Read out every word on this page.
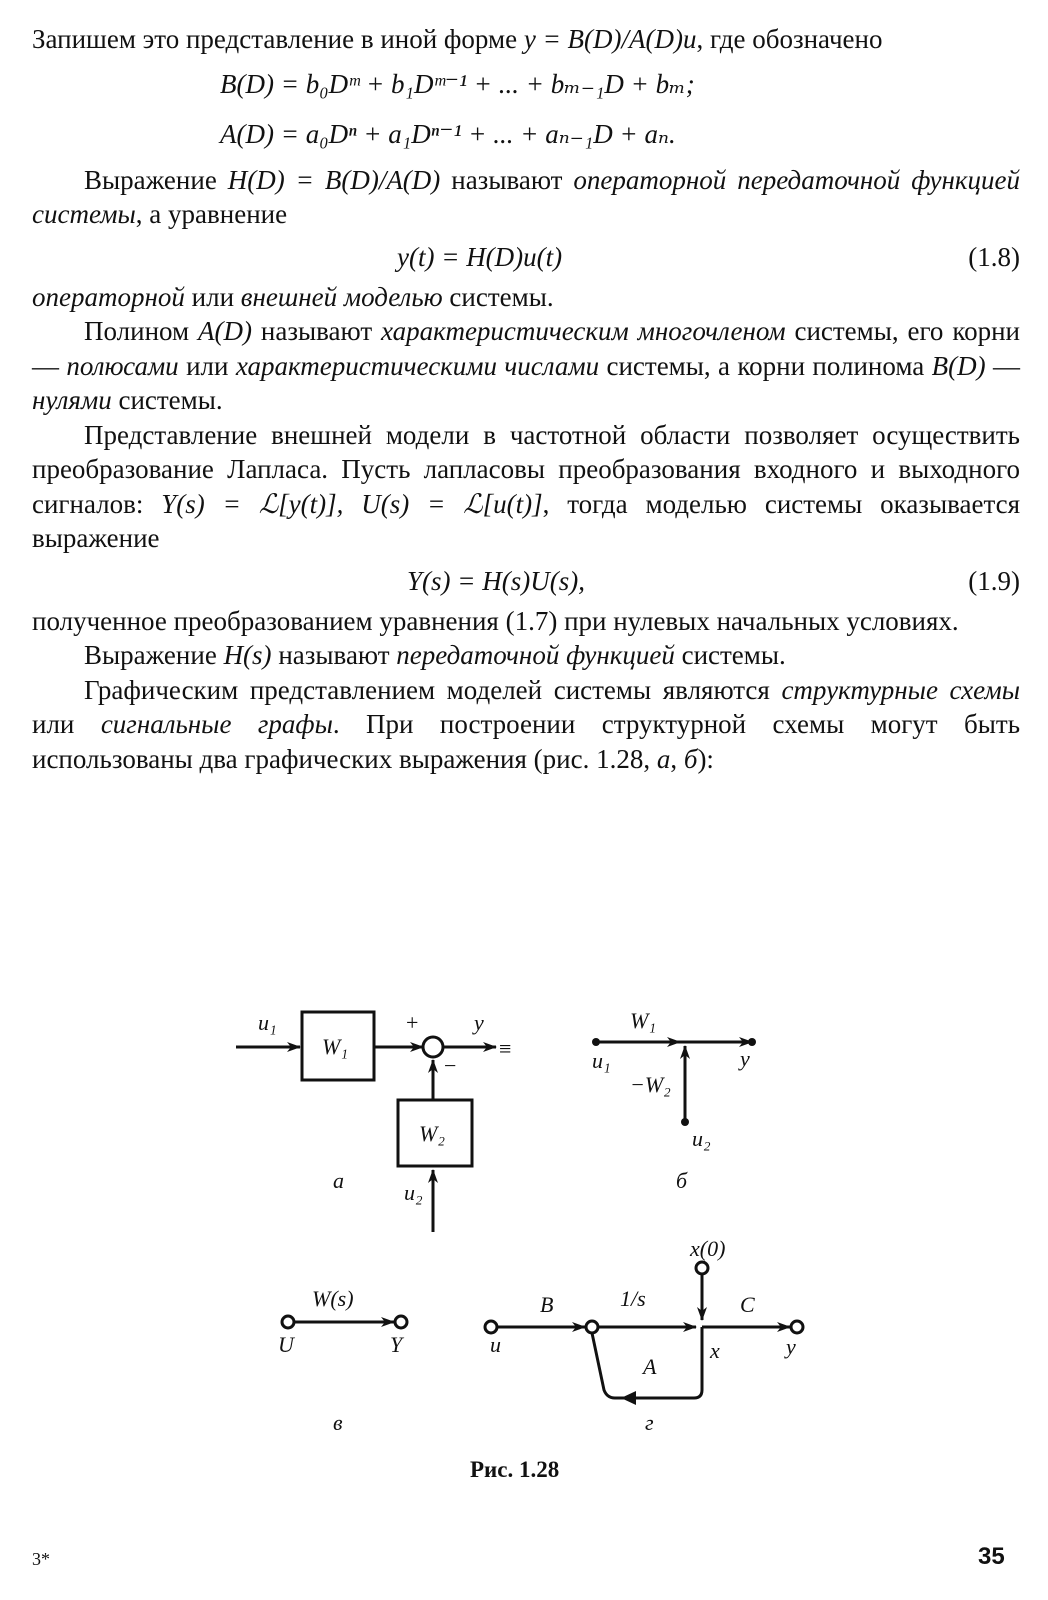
Запишем это представление в иной форме y = B(D)/A(D)u, где обозначено

B(D) = b₀Dᵐ + b₁Dᵐ⁻¹ + ... + bₘ₋₁D + bₘ;
A(D) = a₀Dⁿ + a₁Dⁿ⁻¹ + ... + aₙ₋₁D + aₙ.

Выражение H(D) = B(D)/A(D) называют операторной передаточной функцией системы, а уравнение

y(t) = H(D)u(t)	(1.8)

операторной или внешней моделью системы.

Полином A(D) называют характеристическим многочленом системы, его корни — полюсами или характеристическими числами системы, а корни полинома B(D) — нулями системы.

Представление внешней модели в частотной области позволяет осуществить преобразование Лапласа. Пусть лапласовы преобразования входного и выходного сигналов: Y(s) = ℒ[y(t)], U(s) = ℒ[u(t)], тогда моделью системы оказывается выражение

Y(s) = H(s)U(s),	(1.9)

полученное преобразованием уравнения (1.7) при нулевых начальных условиях.

Выражение H(s) называют передаточной функцией системы.

Графическим представлением моделей системы являются структурные схемы или сигнальные графы. При построении структурной схемы могут быть использованы два графических выражения (рис. 1.28, а, б):

u₁
W₁
+
−
y
≡
W₂
u₂
а
W₁
u₁	y
−W₂
u₂
б
W(s)
U	Y
в
u
B	1/s	C
x(0)
x
A
y
г
Рис. 1.28
3*	35
